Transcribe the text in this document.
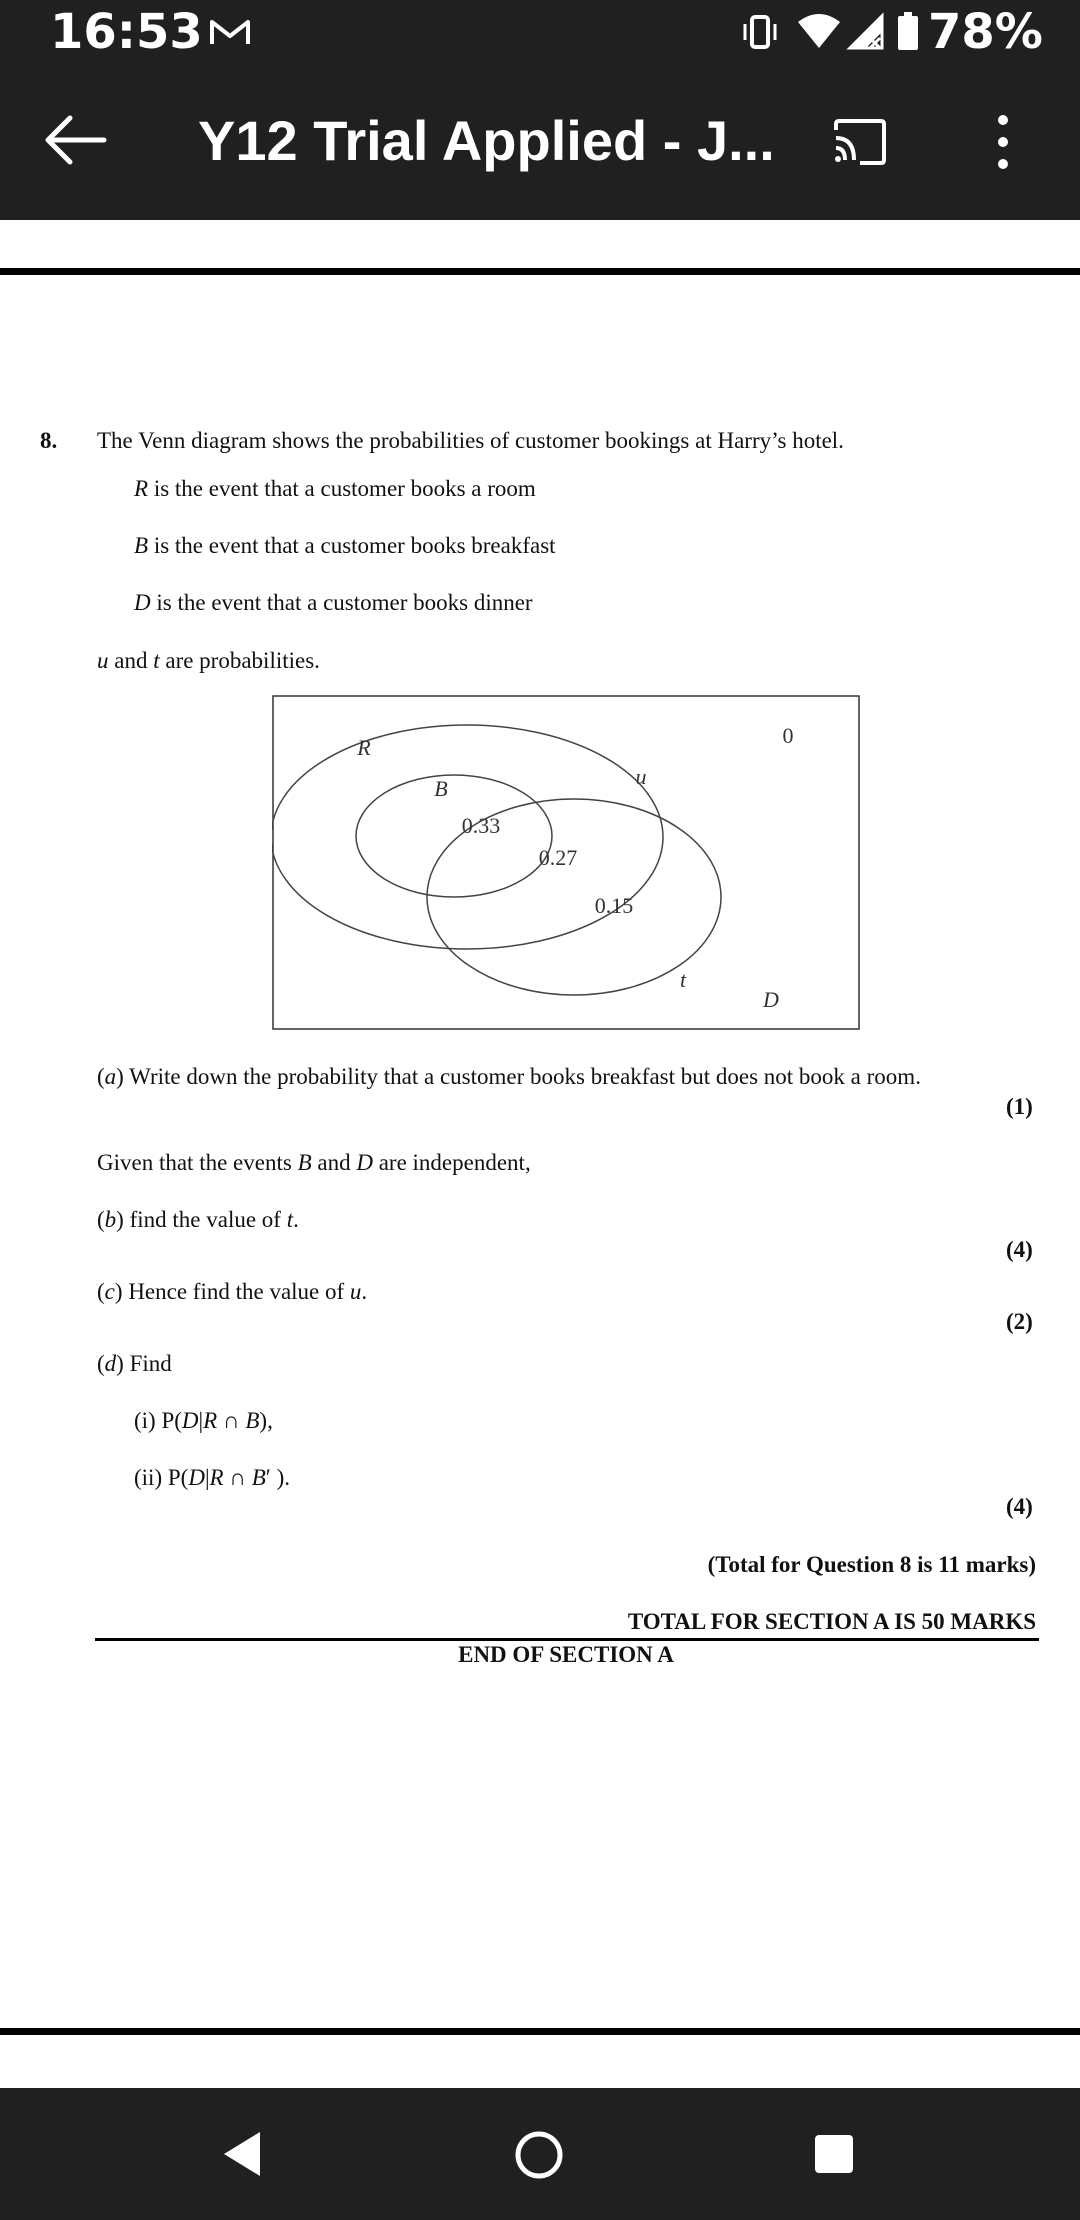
16:53	78%
Y12 Trial Applied - J...
8. The Venn diagram shows the probabilities of customer bookings at Harry’s hotel.
R is the event that a customer books a room
B is the event that a customer books breakfast
D is the event that a customer books dinner
u and t are probabilities.
R
B
D
u
t
0
0.33
0.27
0.15
(a) Write down the probability that a customer books breakfast but does not book a room.
(1)
Given that the events B and D are independent,
(b) find the value of t.
(4)
(c) Hence find the value of u.
(2)
(d) Find
(i) P(D|R ∩ B),
(ii) P(D|R ∩ B′ ).
(4)
(Total for Question 8 is 11 marks)
TOTAL FOR SECTION A IS 50 MARKS
END OF SECTION A
